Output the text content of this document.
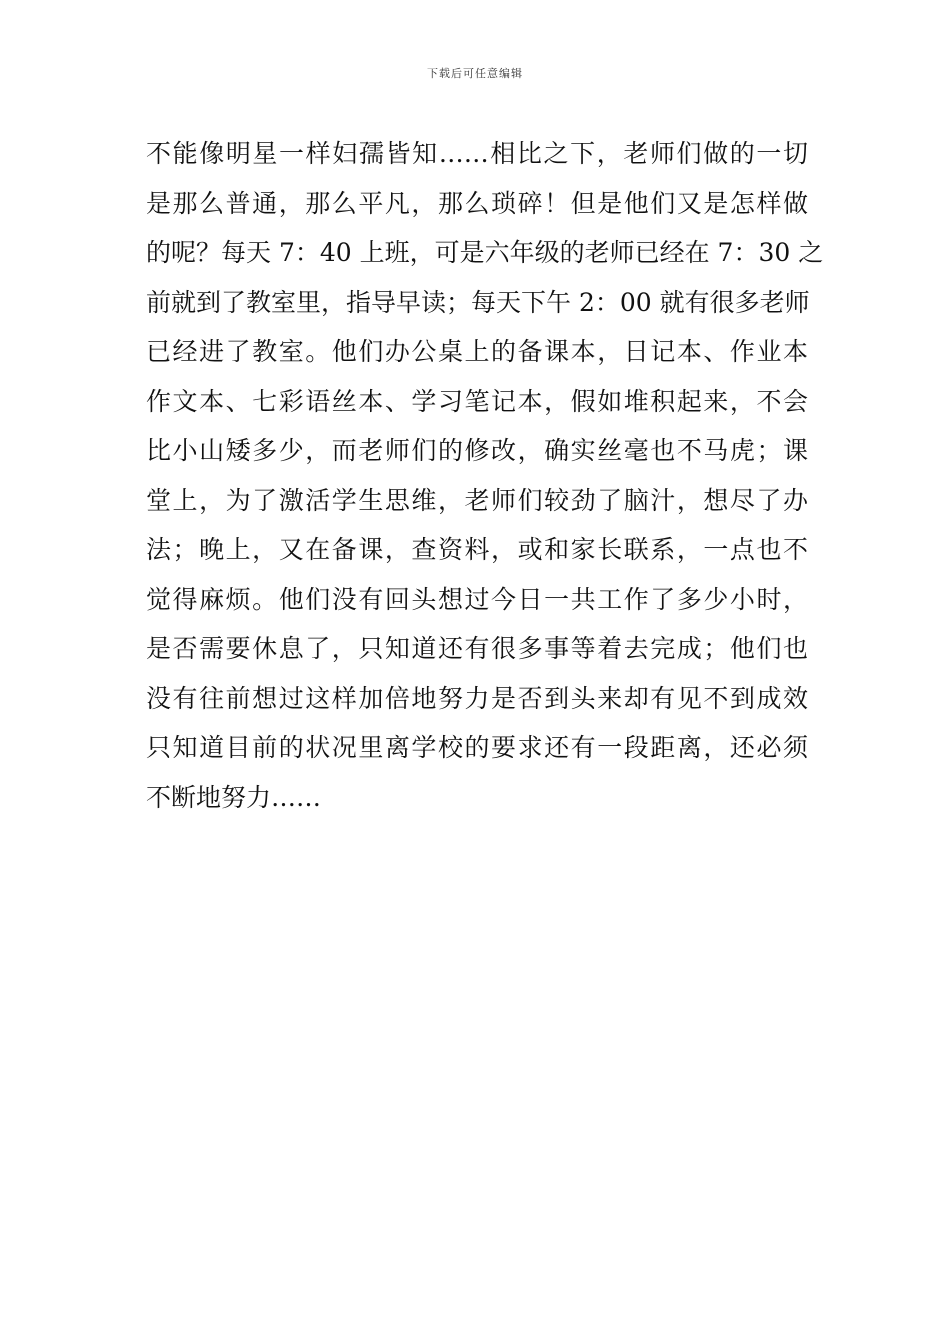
下载后可任意编辑
不能像明星一样妇孺皆知……相比之下，老师们做的一切
是那么普通，那么平凡，那么琐碎！但是他们又是怎样做
的呢？每天 7：40 上班，可是六年级的老师已经在 7：30 之
前就到了教室里，指导早读；每天下午 2：00 就有很多老师
已经进了教室。他们办公桌上的备课本，日记本、作业本
作文本、七彩语丝本、学习笔记本，假如堆积起来，不会
比小山矮多少，而老师们的修改，确实丝毫也不马虎；课
堂上，为了激活学生思维，老师们较劲了脑汁，想尽了办
法；晚上，又在备课，查资料，或和家长联系，一点也不
觉得麻烦。他们没有回头想过今日一共工作了多少小时，
是否需要休息了，只知道还有很多事等着去完成；他们也
没有往前想过这样加倍地努力是否到头来却有见不到成效
只知道目前的状况里离学校的要求还有一段距离，还必须
不断地努力……
